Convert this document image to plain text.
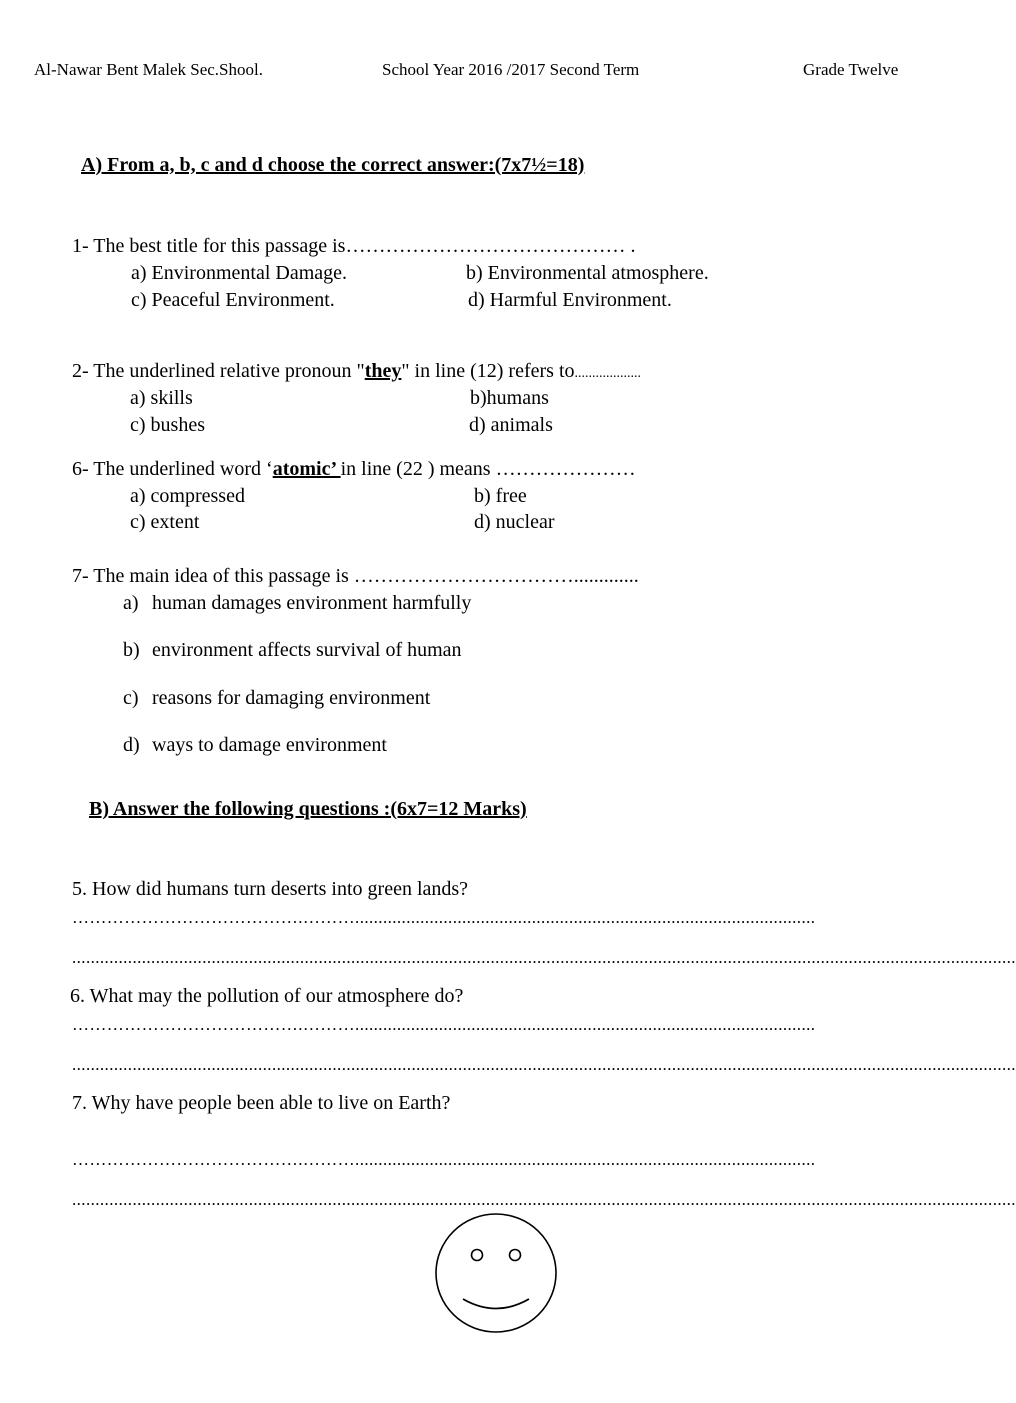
Al-Nawar Bent Malek Sec.Shool.	School Year 2016 /2017 Second Term	Grade Twelve
A) From a, b, c and d choose the correct answer:(7x7½=18)
1- The best title for this passage is…………………………………… .
a) Environmental Damage.	b) Environmental atmosphere.
c) Peaceful Environment.	d) Harmful Environment.
2- The underlined relative pronoun "they" in line (12) refers to...................
a) skills	b)humans
c) bushes	d) animals
6- The underlined word ‘atomic’ in line (22 ) means …………………
a) compressed	b) free
c) extent	d) nuclear
7- The main idea of this passage is …………………………….............
a) human damages environment harmfully
b) environment affects survival of human
c) reasons for damaging environment
d) ways to damage environment
B) Answer the following questions :(6x7=12 Marks)
5. How did humans turn deserts into green lands?
………………………………….………...................................................................................................
...........................................................................................................................................................................................................
6. What may the pollution of our atmosphere do?
………………………………….………...................................................................................................
...........................................................................................................................................................................................................
7. Why have people been able to live on Earth?
………………………………….………...................................................................................................
...........................................................................................................................................................................................................
